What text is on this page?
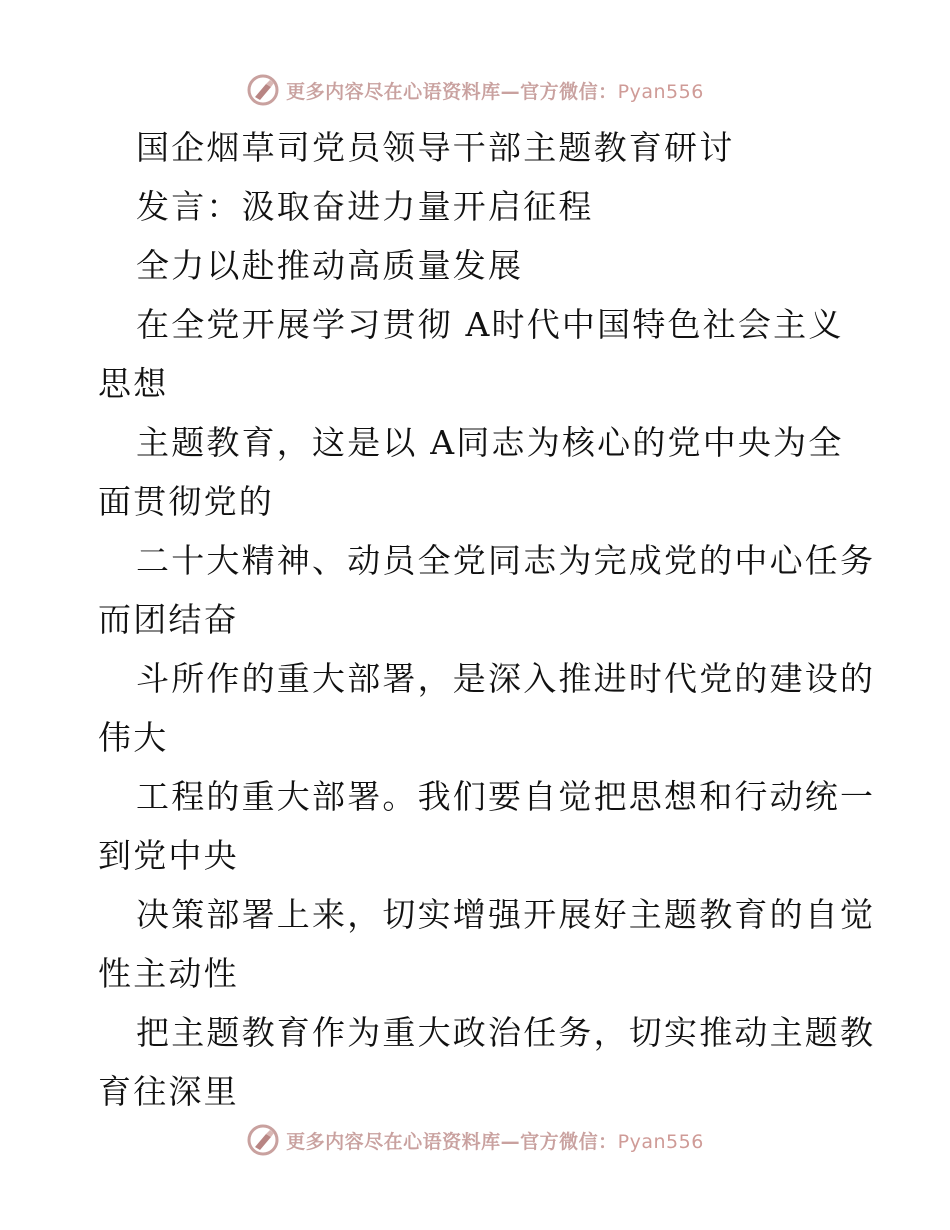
更多内容尽在心语资料库—官方微信：Pyan556
国企烟草司党员领导干部主题教育研讨
发言：汲取奋进力量开启征程
全力以赴推动高质量发展
在全党开展学习贯彻 A时代中国特色社会主义
思想
主题教育，这是以 A同志为核心的党中央为全
面贯彻党的
二十大精神、动员全党同志为完成党的中心任务
而团结奋
斗所作的重大部署，是深入推进时代党的建设的
伟大
工程的重大部署。我们要自觉把思想和行动统一
到党中央
决策部署上来，切实增强开展好主题教育的自觉
性主动性
把主题教育作为重大政治任务，切实推动主题教
育往深里
更多内容尽在心语资料库—官方微信：Pyan556
